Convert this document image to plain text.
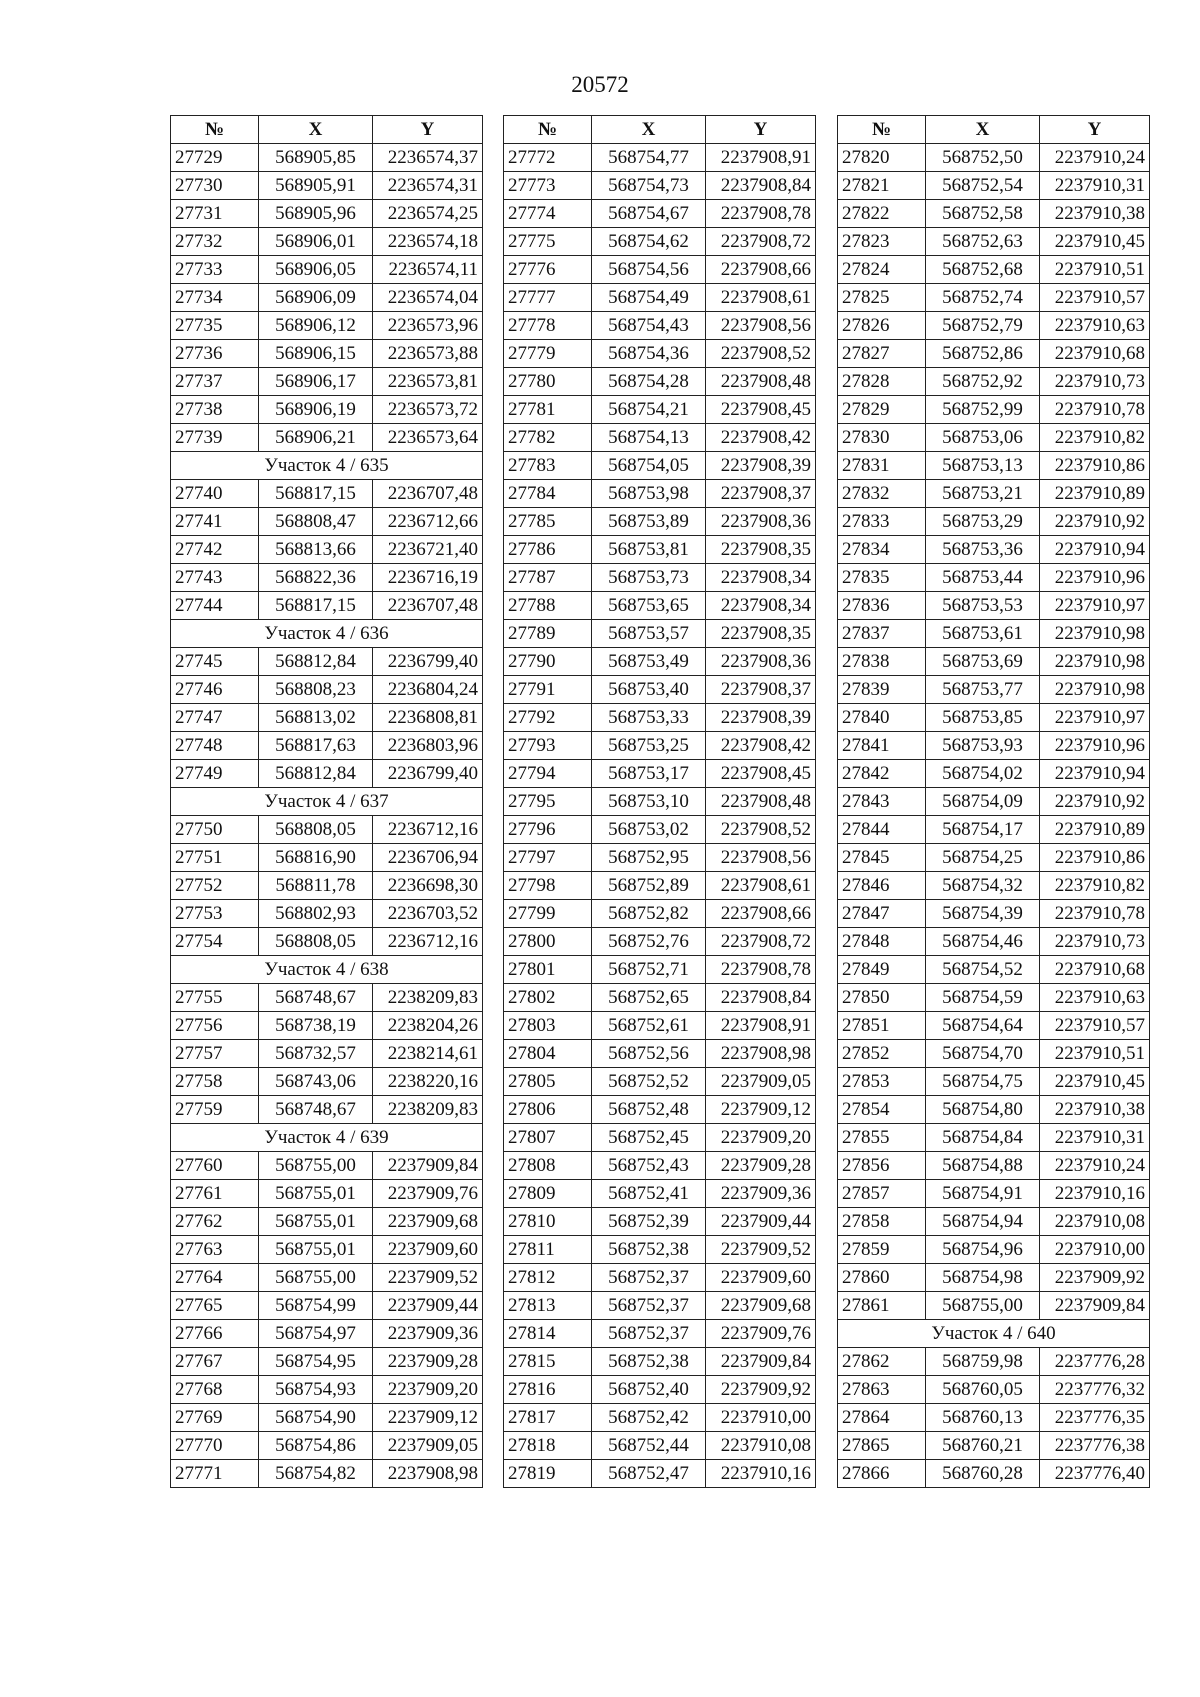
20572
№	X	Y
27729	568905,85	2236574,37
27730	568905,91	2236574,31
27731	568905,96	2236574,25
27732	568906,01	2236574,18
27733	568906,05	2236574,11
27734	568906,09	2236574,04
27735	568906,12	2236573,96
27736	568906,15	2236573,88
27737	568906,17	2236573,81
27738	568906,19	2236573,72
27739	568906,21	2236573,64
Участок 4 / 635		
27740	568817,15	2236707,48
27741	568808,47	2236712,66
27742	568813,66	2236721,40
27743	568822,36	2236716,19
27744	568817,15	2236707,48
Участок 4 / 636		
27745	568812,84	2236799,40
27746	568808,23	2236804,24
27747	568813,02	2236808,81
27748	568817,63	2236803,96
27749	568812,84	2236799,40
Участок 4 / 637		
27750	568808,05	2236712,16
27751	568816,90	2236706,94
27752	568811,78	2236698,30
27753	568802,93	2236703,52
27754	568808,05	2236712,16
Участок 4 / 638		
27755	568748,67	2238209,83
27756	568738,19	2238204,26
27757	568732,57	2238214,61
27758	568743,06	2238220,16
27759	568748,67	2238209,83
Участок 4 / 639		
27760	568755,00	2237909,84
27761	568755,01	2237909,76
27762	568755,01	2237909,68
27763	568755,01	2237909,60
27764	568755,00	2237909,52
27765	568754,99	2237909,44
27766	568754,97	2237909,36
27767	568754,95	2237909,28
27768	568754,93	2237909,20
27769	568754,90	2237909,12
27770	568754,86	2237909,05
27771	568754,82	2237908,98
№	X	Y
27772	568754,77	2237908,91
27773	568754,73	2237908,84
27774	568754,67	2237908,78
27775	568754,62	2237908,72
27776	568754,56	2237908,66
27777	568754,49	2237908,61
27778	568754,43	2237908,56
27779	568754,36	2237908,52
27780	568754,28	2237908,48
27781	568754,21	2237908,45
27782	568754,13	2237908,42
27783	568754,05	2237908,39
27784	568753,98	2237908,37
27785	568753,89	2237908,36
27786	568753,81	2237908,35
27787	568753,73	2237908,34
27788	568753,65	2237908,34
27789	568753,57	2237908,35
27790	568753,49	2237908,36
27791	568753,40	2237908,37
27792	568753,33	2237908,39
27793	568753,25	2237908,42
27794	568753,17	2237908,45
27795	568753,10	2237908,48
27796	568753,02	2237908,52
27797	568752,95	2237908,56
27798	568752,89	2237908,61
27799	568752,82	2237908,66
27800	568752,76	2237908,72
27801	568752,71	2237908,78
27802	568752,65	2237908,84
27803	568752,61	2237908,91
27804	568752,56	2237908,98
27805	568752,52	2237909,05
27806	568752,48	2237909,12
27807	568752,45	2237909,20
27808	568752,43	2237909,28
27809	568752,41	2237909,36
27810	568752,39	2237909,44
27811	568752,38	2237909,52
27812	568752,37	2237909,60
27813	568752,37	2237909,68
27814	568752,37	2237909,76
27815	568752,38	2237909,84
27816	568752,40	2237909,92
27817	568752,42	2237910,00
27818	568752,44	2237910,08
27819	568752,47	2237910,16
№	X	Y
27820	568752,50	2237910,24
27821	568752,54	2237910,31
27822	568752,58	2237910,38
27823	568752,63	2237910,45
27824	568752,68	2237910,51
27825	568752,74	2237910,57
27826	568752,79	2237910,63
27827	568752,86	2237910,68
27828	568752,92	2237910,73
27829	568752,99	2237910,78
27830	568753,06	2237910,82
27831	568753,13	2237910,86
27832	568753,21	2237910,89
27833	568753,29	2237910,92
27834	568753,36	2237910,94
27835	568753,44	2237910,96
27836	568753,53	2237910,97
27837	568753,61	2237910,98
27838	568753,69	2237910,98
27839	568753,77	2237910,98
27840	568753,85	2237910,97
27841	568753,93	2237910,96
27842	568754,02	2237910,94
27843	568754,09	2237910,92
27844	568754,17	2237910,89
27845	568754,25	2237910,86
27846	568754,32	2237910,82
27847	568754,39	2237910,78
27848	568754,46	2237910,73
27849	568754,52	2237910,68
27850	568754,59	2237910,63
27851	568754,64	2237910,57
27852	568754,70	2237910,51
27853	568754,75	2237910,45
27854	568754,80	2237910,38
27855	568754,84	2237910,31
27856	568754,88	2237910,24
27857	568754,91	2237910,16
27858	568754,94	2237910,08
27859	568754,96	2237910,00
27860	568754,98	2237909,92
27861	568755,00	2237909,84
Участок 4 / 640		
27862	568759,98	2237776,28
27863	568760,05	2237776,32
27864	568760,13	2237776,35
27865	568760,21	2237776,38
27866	568760,28	2237776,40
